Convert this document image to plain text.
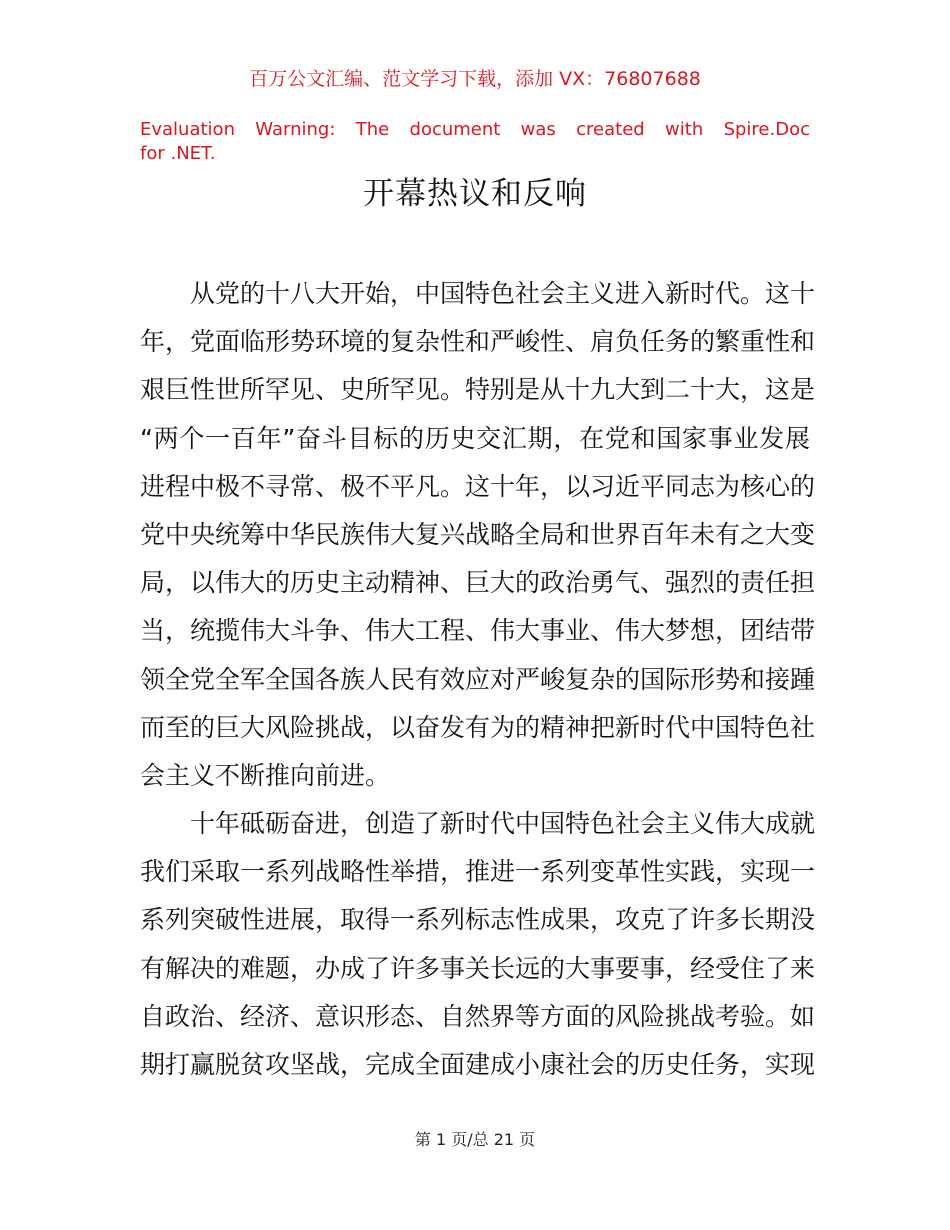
百万公文汇编、范文学习下载，添加 VX：76807688
Evaluation Warning: The document was created with Spire.Doc
for .NET.
开幕热议和反响
从党的十八大开始，中国特色社会主义进入新时代。这十
年，党面临形势环境的复杂性和严峻性、肩负任务的繁重性和
艰巨性世所罕见、史所罕见。特别是从十九大到二十大，这是
“两个一百年”奋斗目标的历史交汇期，在党和国家事业发展
进程中极不寻常、极不平凡。这十年，以习近平同志为核心的
党中央统筹中华民族伟大复兴战略全局和世界百年未有之大变
局，以伟大的历史主动精神、巨大的政治勇气、强烈的责任担
当，统揽伟大斗争、伟大工程、伟大事业、伟大梦想，团结带
领全党全军全国各族人民有效应对严峻复杂的国际形势和接踵
而至的巨大风险挑战，以奋发有为的精神把新时代中国特色社
会主义不断推向前进。
十年砥砺奋进，创造了新时代中国特色社会主义伟大成就
我们采取一系列战略性举措，推进一系列变革性实践，实现一
系列突破性进展，取得一系列标志性成果，攻克了许多长期没
有解决的难题，办成了许多事关长远的大事要事，经受住了来
自政治、经济、意识形态、自然界等方面的风险挑战考验。如
期打赢脱贫攻坚战，完成全面建成小康社会的历史任务，实现
第 1 页/总 21 页
